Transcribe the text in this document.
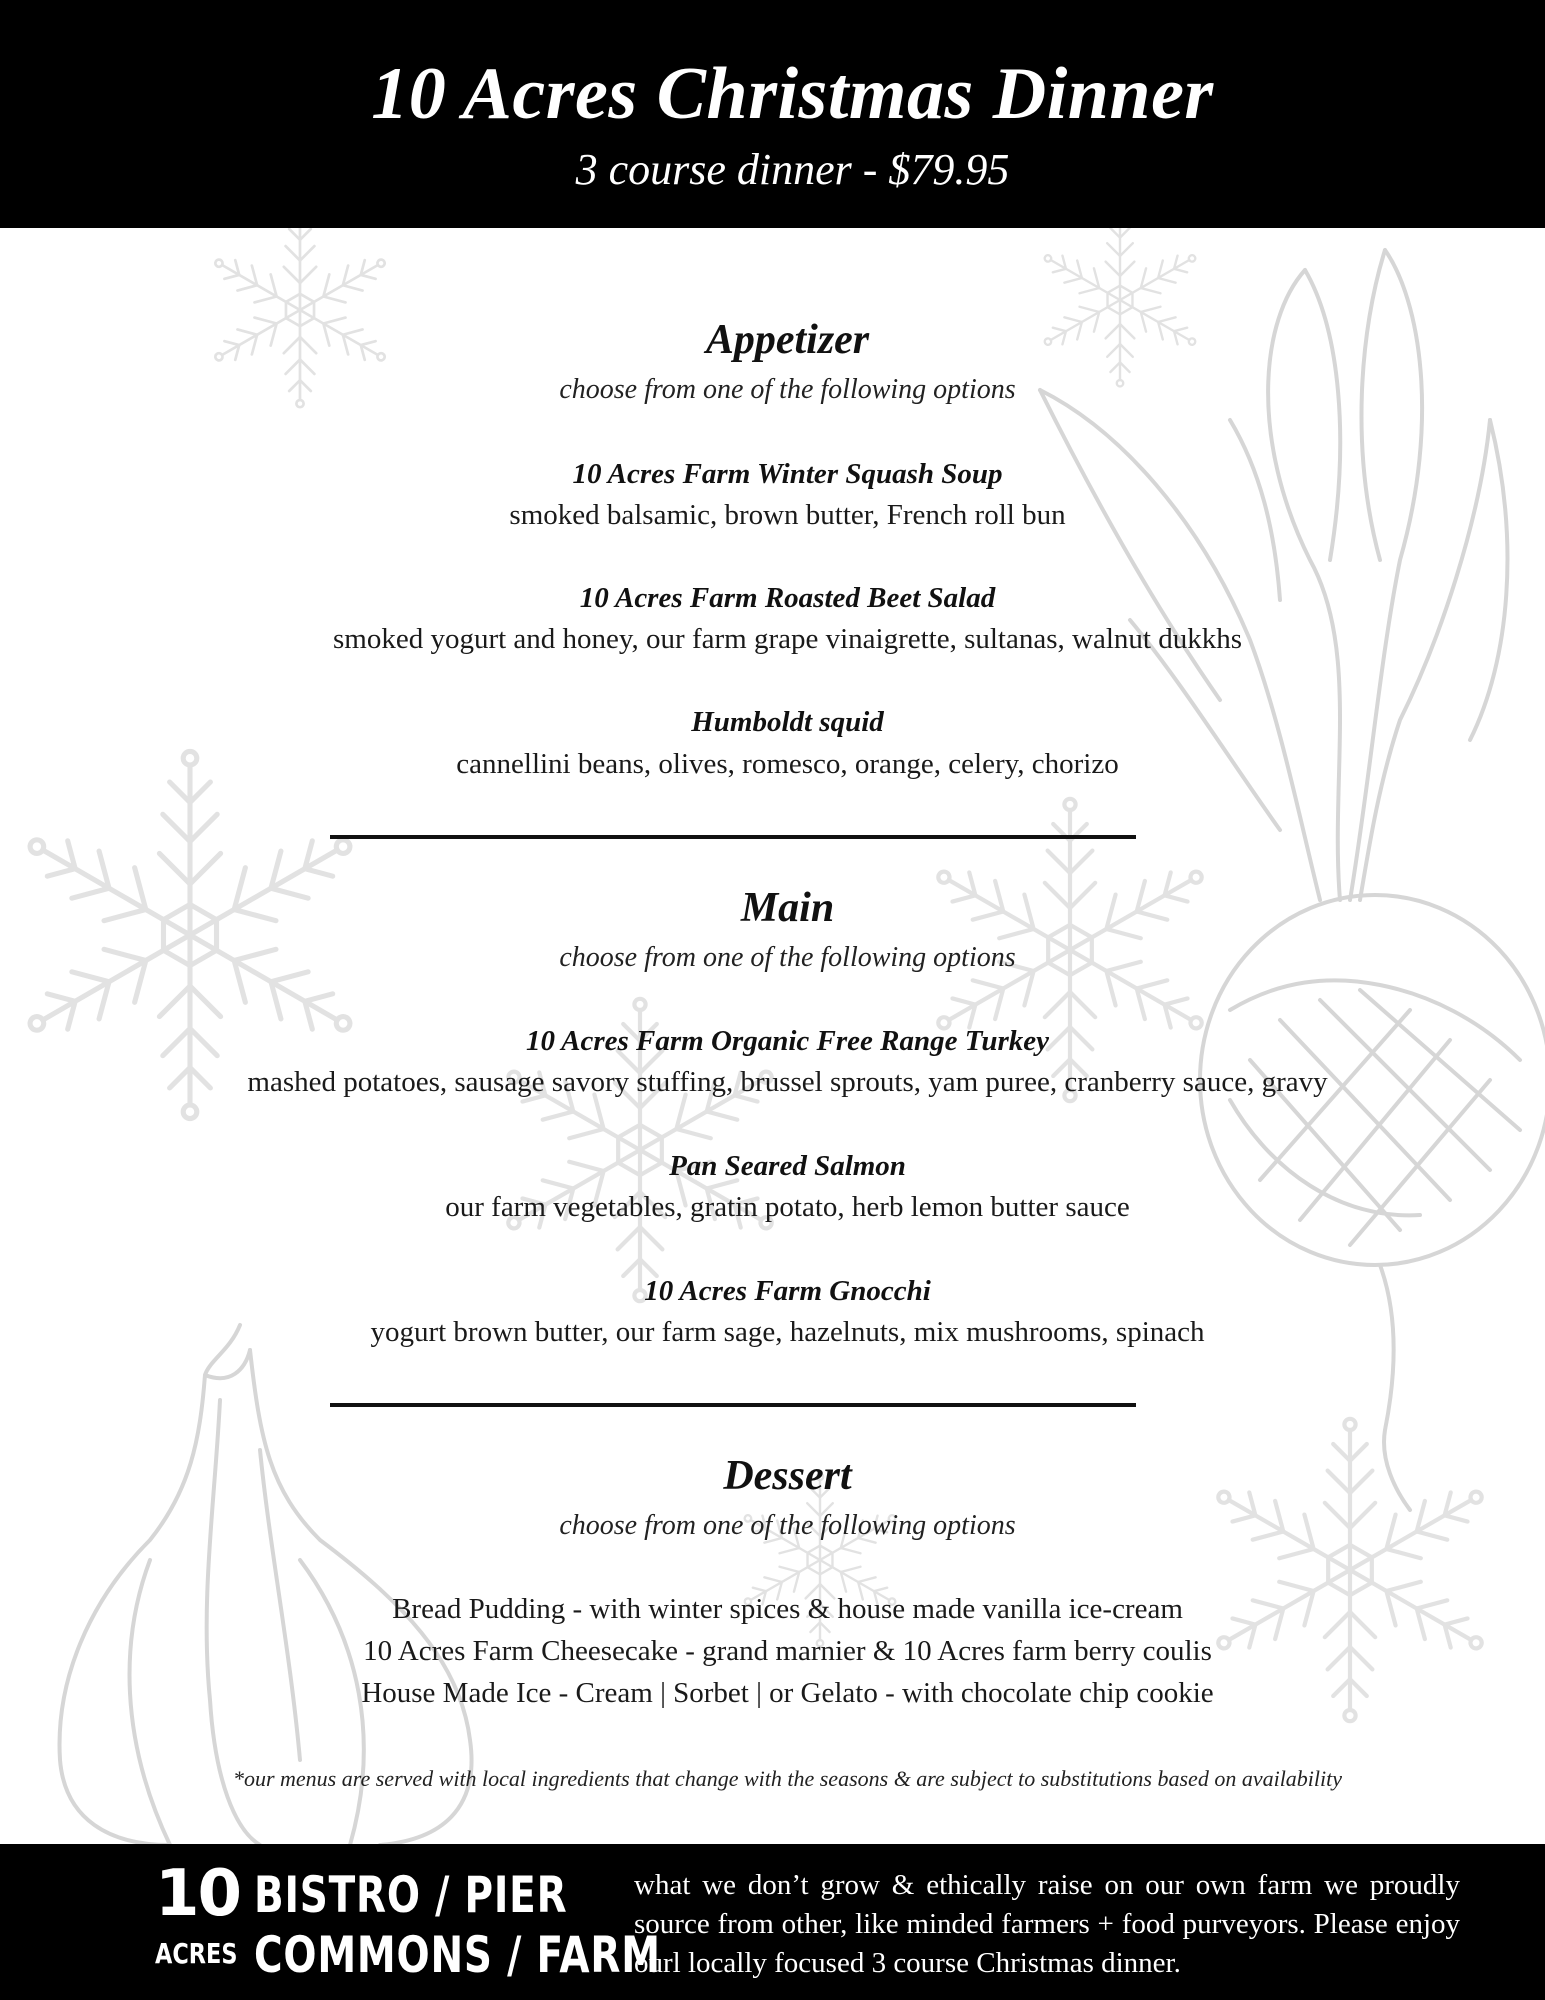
10 Acres Christmas Dinner
3 course dinner - $79.95
Appetizer
choose from one of the following options
10 Acres Farm Winter Squash Soup
smoked balsamic, brown butter, French roll bun
10 Acres Farm Roasted Beet Salad
smoked yogurt and honey, our farm grape vinaigrette, sultanas, walnut dukkhs
Humboldt squid
cannellini beans, olives, romesco, orange, celery, chorizo
Main
choose from one of the following options
10 Acres Farm Organic Free Range Turkey
mashed potatoes, sausage savory stuffing, brussel sprouts, yam puree, cranberry sauce, gravy
Pan Seared Salmon
our farm vegetables, gratin potato, herb lemon butter sauce
10 Acres Farm Gnocchi
yogurt brown butter, our farm sage, hazelnuts, mix mushrooms, spinach
Dessert
choose from one of the following options
Bread Pudding - with winter spices & house made vanilla ice-cream
10 Acres Farm Cheesecake - grand marnier & 10 Acres farm berry coulis
House Made Ice - Cream | Sorbet | or Gelato - with chocolate chip cookie
*our menus are served with local ingredients that change with the seasons & are subject to substitutions based on availability
10
ACRES
BISTRO / PIER
COMMONS / FARM
what we don’t grow & ethically raise on our own farm we proudly source from other, like minded farmers + food purveyors. Please enjoy ourl locally focused 3 course Christmas dinner.
